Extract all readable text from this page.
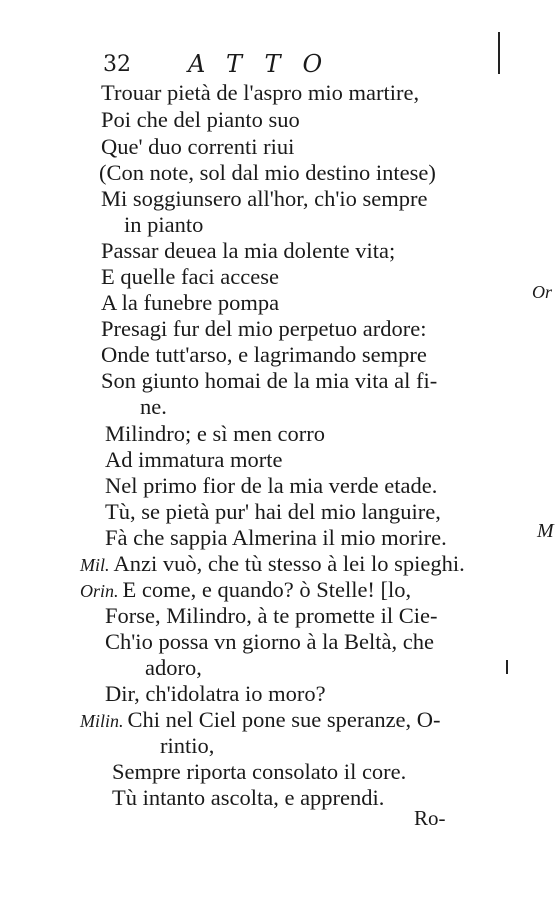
32 ATTO
Trouar pietà de l'aspro mio martire,
Poi che del pianto suo
Que' duo correnti riui
(Con note, sol dal mio destino intese)
Mi soggiunsero all'hor, ch'io sempre
in pianto
Passar deuea la mia dolente vita;
E quelle faci accese
A la funebre pompa
Presagi fur del mio perpetuo ardore:
Onde tutt'arso, e lagrimando sempre
Son giunto homai de la mia vita al fi-
ne.
Milindro; e sì men corro
Ad immatura morte
Nel primo fior de la mia verde etade.
Tù, se pietà pur' hai del mio languire,
Fà che sappia Almerina il mio morire.
Mil. Anzi vuò, che tù stesso à lei lo spieghi.
Orin. E come, e quando? ò Stelle! [lo,
Forse, Milindro, à te promette il Cie-
Ch'io possa vn giorno à la Beltà, che
adoro,
Dir, ch'idolatra io moro?
Milin. Chi nel Ciel pone sue speranze, O-
rintio,
Sempre riporta consolato il core.
Tù intanto ascolta, e apprendi.
Ro-
Or
M
